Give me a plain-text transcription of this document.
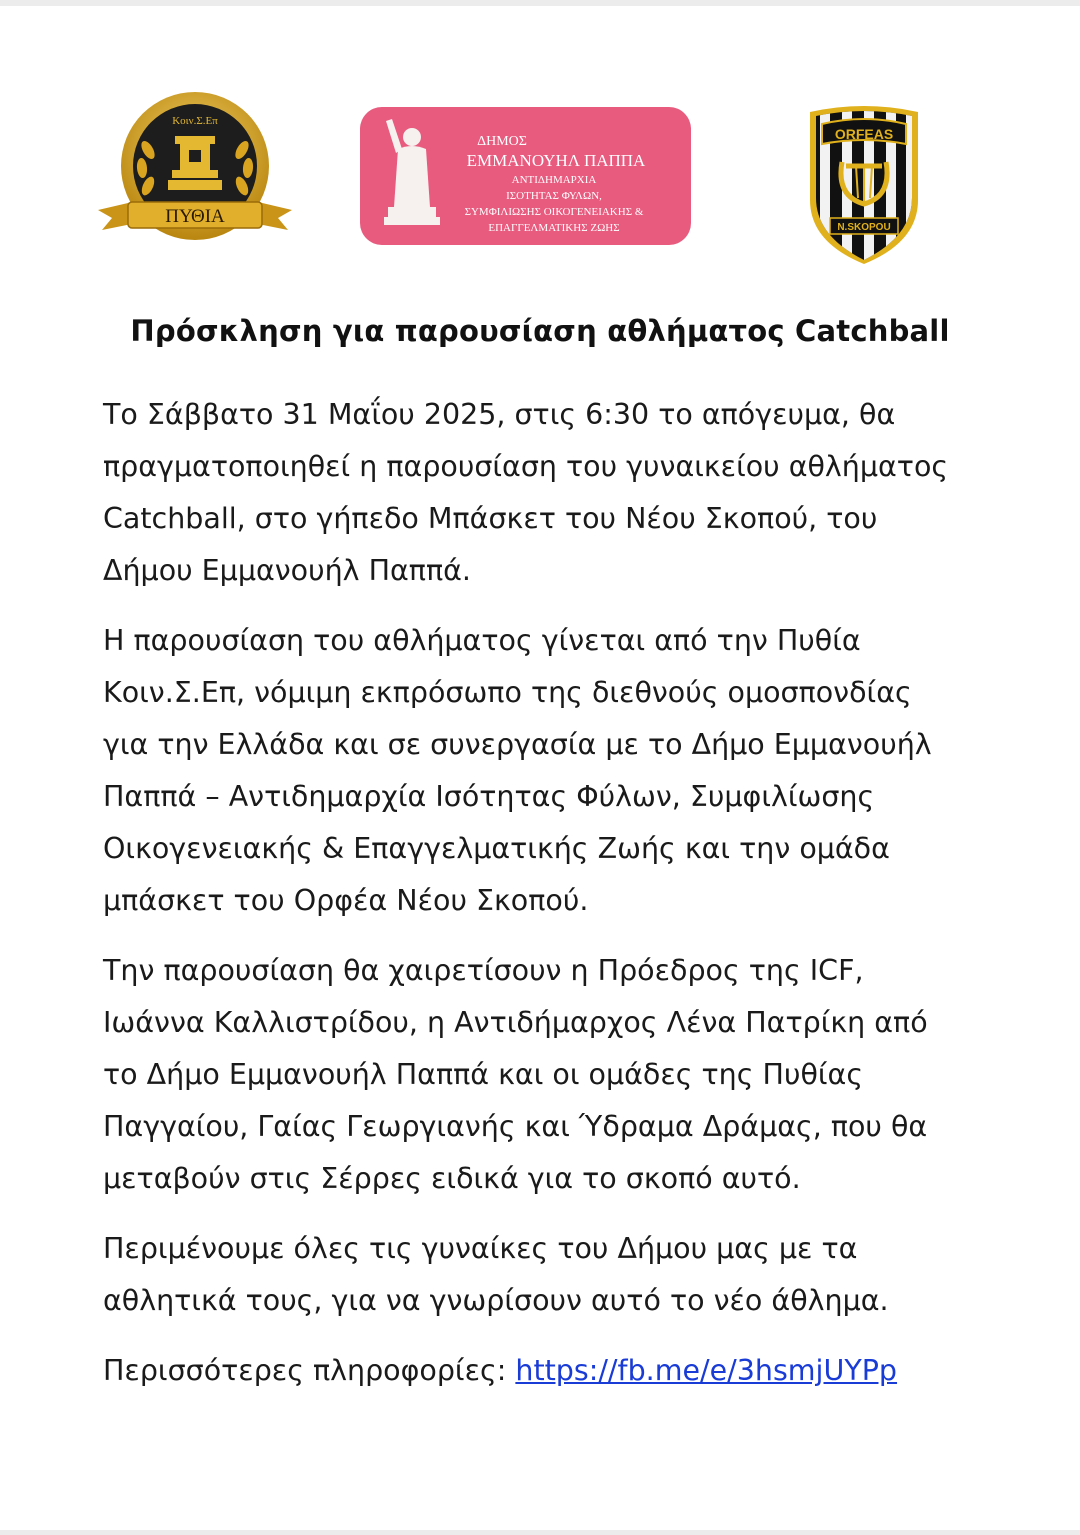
Κοιν.Σ.Επ
ΠΥΘΙΑ
ΔΗΜΟΣ
ΕΜΜΑΝΟΥΗΛ ΠΑΠΠΑ
ΑΝΤΙΔΗΜΑΡΧΙΑ
ΙΣΟΤΗΤΑΣ ΦΥΛΩΝ,
ΣΥΜΦΙΛΙΩΣΗΣ ΟΙΚΟΓΕΝΕΙΑΚΗΣ &
ΕΠΑΓΓΕΛΜΑΤΙΚΗΣ ΖΩΗΣ
ORFEAS
N.SKOPOU
Πρόσκληση για παρουσίαση αθλήματος Catchball

Το Σάββατο 31 Μαΐου 2025, στις 6:30 το απόγευμα, θα πραγματοποιηθεί η παρουσίαση του γυναικείου αθλήματος Catchball, στο γήπεδο Μπάσκετ του Νέου Σκοπού, του Δήμου Εμμανουήλ Παππά.

Η παρουσίαση του αθλήματος γίνεται από την Πυθία Κοιν.Σ.Επ, νόμιμη εκπρόσωπο της διεθνούς ομοσπονδίας για την Ελλάδα και σε συνεργασία με το Δήμο Εμμανουήλ Παππά – Αντιδημαρχία Ισότητας Φύλων, Συμφιλίωσης Οικογενειακής & Επαγγελματικής Ζωής και την ομάδα μπάσκετ του Ορφέα Νέου Σκοπού.

Την παρουσίαση θα χαιρετίσουν η Πρόεδρος της ICF, Ιωάννα Καλλιστρίδου, η Αντιδήμαρχος Λένα Πατρίκη από το Δήμο Εμμανουήλ Παππά και οι ομάδες της Πυθίας Παγγαίου, Γαίας Γεωργιανής και Ύδραμα Δράμας, που θα μεταβούν στις Σέρρες ειδικά για το σκοπό αυτό.

Περιμένουμε όλες τις γυναίκες του Δήμου μας με τα αθλητικά τους, για να γνωρίσουν αυτό το νέο άθλημα.

Περισσότερες πληροφορίες: https://fb.me/e/3hsmjUYPp
